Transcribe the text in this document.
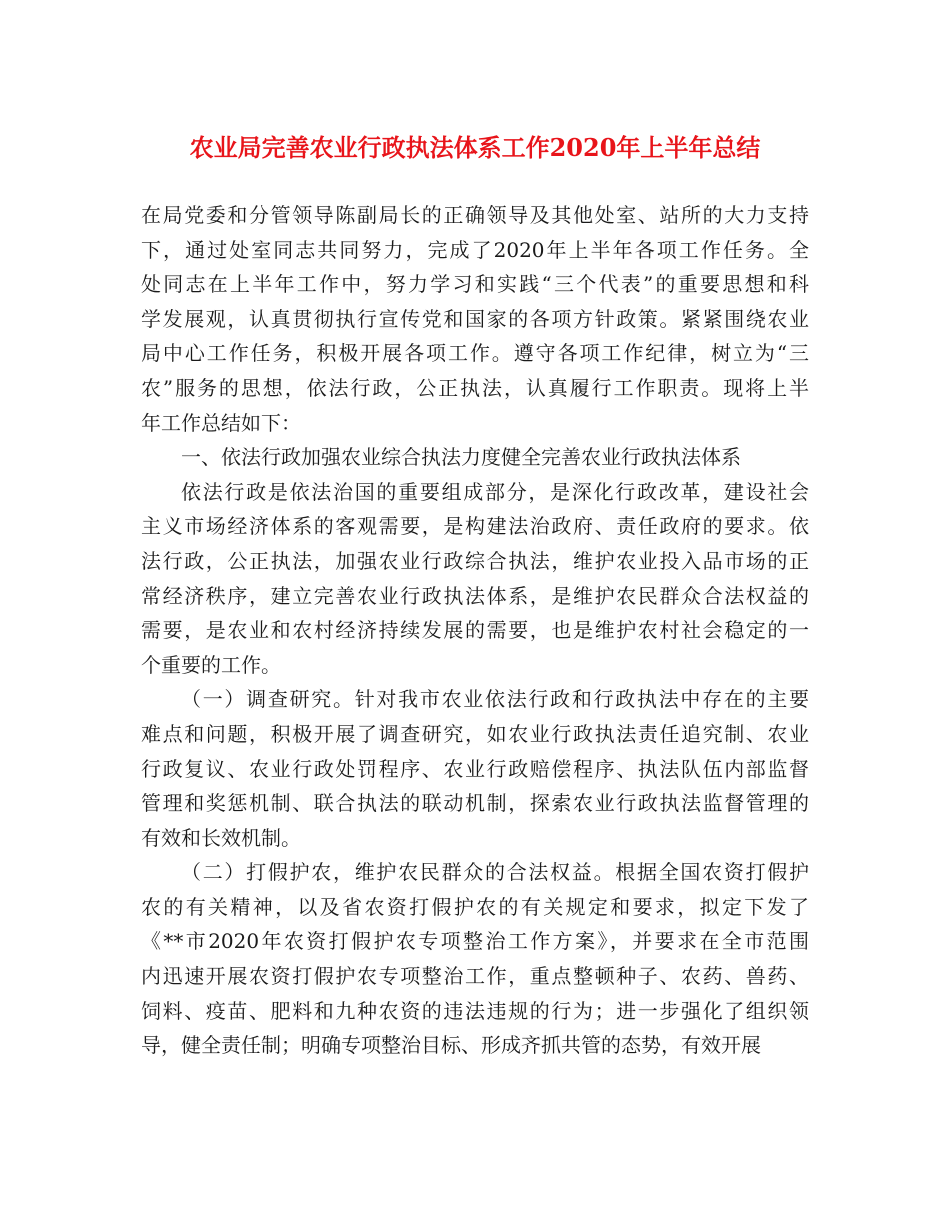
农业局完善农业行政执法体系工作2020年上半年总结
在局党委和分管领导陈副局长的正确领导及其他处室、站所的大力支持
下，通过处室同志共同努力，完成了2020年上半年各项工作任务。全
处同志在上半年工作中，努力学习和实践“三个代表”的重要思想和科
学发展观，认真贯彻执行宣传党和国家的各项方针政策。紧紧围绕农业
局中心工作任务，积极开展各项工作。遵守各项工作纪律，树立为“三
农”服务的思想，依法行政，公正执法，认真履行工作职责。现将上半
年工作总结如下：
一、依法行政加强农业综合执法力度健全完善农业行政执法体系
依法行政是依法治国的重要组成部分，是深化行政改革，建设社会
主义市场经济体系的客观需要，是构建法治政府、责任政府的要求。依
法行政，公正执法，加强农业行政综合执法，维护农业投入品市场的正
常经济秩序，建立完善农业行政执法体系，是维护农民群众合法权益的
需要，是农业和农村经济持续发展的需要，也是维护农村社会稳定的一
个重要的工作。
（一）调查研究。针对我市农业依法行政和行政执法中存在的主要
难点和问题，积极开展了调查研究，如农业行政执法责任追究制、农业
行政复议、农业行政处罚程序、农业行政赔偿程序、执法队伍内部监督
管理和奖惩机制、联合执法的联动机制，探索农业行政执法监督管理的
有效和长效机制。
（二）打假护农，维护农民群众的合法权益。根据全国农资打假护
农的有关精神，以及省农资打假护农的有关规定和要求，拟定下发了
《**市2020年农资打假护农专项整治工作方案》，并要求在全市范围
内迅速开展农资打假护农专项整治工作，重点整顿种子、农药、兽药、
饲料、疫苗、肥料和九种农资的违法违规的行为；进一步强化了组织领
导，健全责任制；明确专项整治目标、形成齐抓共管的态势，有效开展
